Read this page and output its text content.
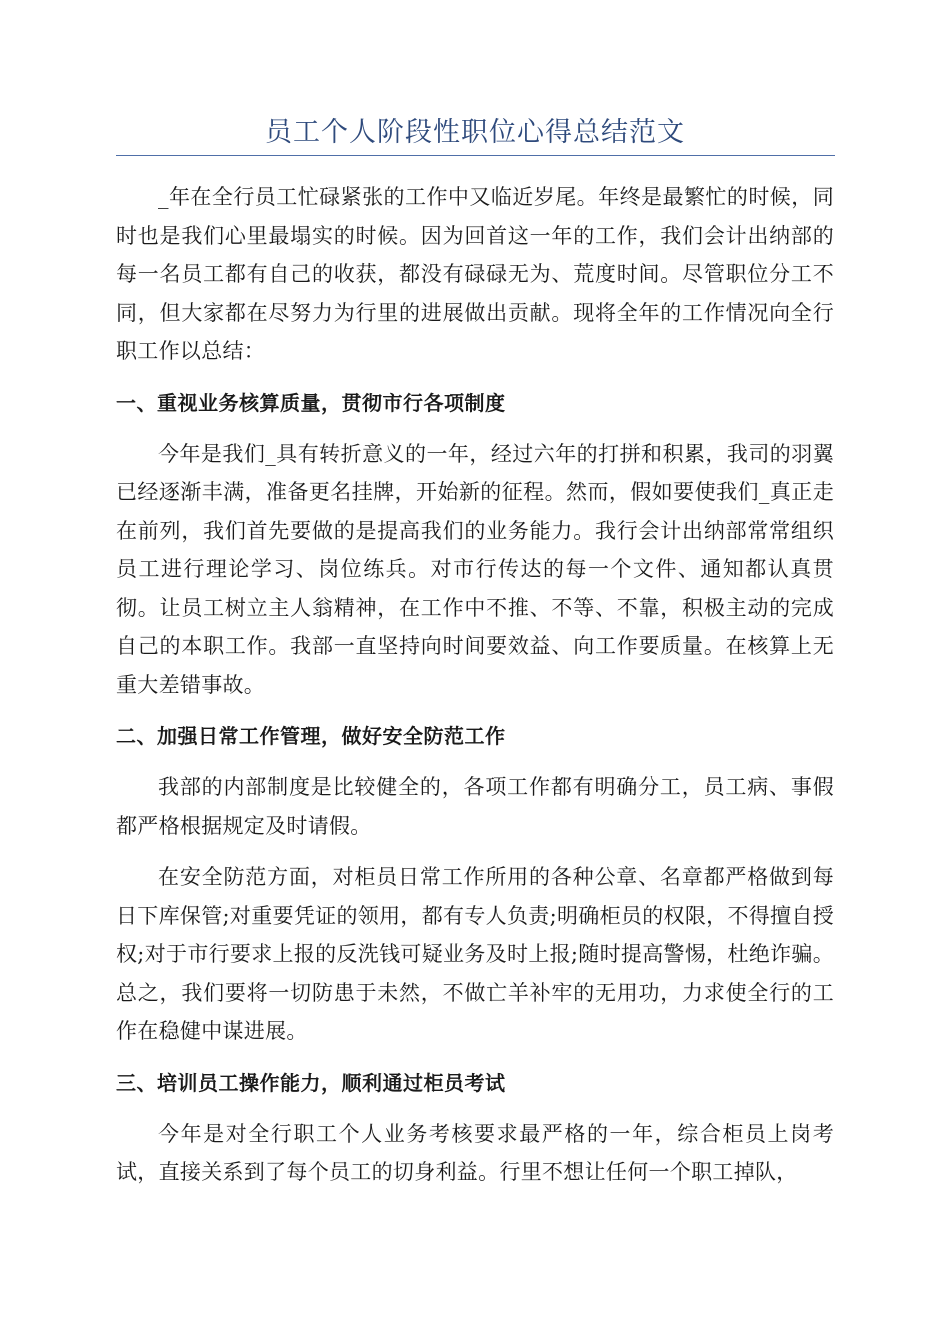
员工个人阶段性职位心得总结范文

_年在全行员工忙碌紧张的工作中又临近岁尾。年终是最繁忙的时候，同时也是我们心里最塌实的时候。因为回首这一年的工作，我们会计出纳部的每一名员工都有自己的收获，都没有碌碌无为、荒度时间。尽管职位分工不同，但大家都在尽努力为行里的进展做出贡献。现将全年的工作情况向全行职工作以总结：

一、重视业务核算质量，贯彻市行各项制度

今年是我们_具有转折意义的一年，经过六年的打拼和积累，我司的羽翼已经逐渐丰满，准备更名挂牌，开始新的征程。然而，假如要使我们_真正走在前列，我们首先要做的是提高我们的业务能力。我行会计出纳部常常组织员工进行理论学习、岗位练兵。对市行传达的每一个文件、通知都认真贯彻。让员工树立主人翁精神，在工作中不推、不等、不靠，积极主动的完成自己的本职工作。我部一直坚持向时间要效益、向工作要质量。在核算上无重大差错事故。

二、加强日常工作管理，做好安全防范工作

我部的内部制度是比较健全的，各项工作都有明确分工，员工病、事假都严格根据规定及时请假。

在安全防范方面，对柜员日常工作所用的各种公章、名章都严格做到每日下库保管;对重要凭证的领用，都有专人负责;明确柜员的权限，不得擅自授权;对于市行要求上报的反洗钱可疑业务及时上报;随时提高警惕，杜绝诈骗。总之，我们要将一切防患于未然，不做亡羊补牢的无用功，力求使全行的工作在稳健中谋进展。

三、培训员工操作能力，顺利通过柜员考试

今年是对全行职工个人业务考核要求最严格的一年，综合柜员上岗考试，直接关系到了每个员工的切身利益。行里不想让任何一个职工掉队，
